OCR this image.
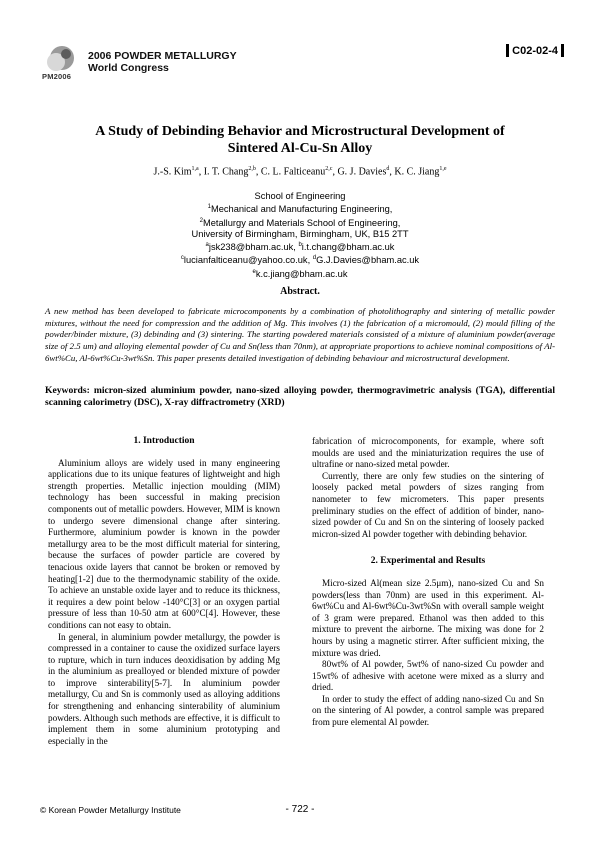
PM2006
2006 POWDER METALLURGY
World Congress
C02-02-4
A Study of Debinding Behavior and Microstructural Development of
Sintered Al-Cu-Sn Alloy
J.-S. Kim$^{1,a}$, I. T. Chang$^{2,b}$, C. L. Falticeanu$^{2,c}$, G. J. Davies$^d$, K. C. Jiang$^{1,e}$
School of Engineering
$^1$Mechanical and Manufacturing Engineering,
$^2$Metallurgy and Materials School of Engineering,
University of Birmingham, Birmingham, UK, B15 2TT
$^a$jsk238@bham.ac.uk, $^b$i.t.chang@bham.ac.uk
$^c$lucianfalticeanu@yahoo.co.uk, $^d$G.J.Davies@bham.ac.uk
$^e$k.c.jiang@bham.ac.uk
Abstract.
A new method has been developed to fabricate microcomponents by a combination of photolithography and sintering of metallic powder mixtures, without the need for compression and the addition of Mg. This involves (1) the fabrication of a micromould, (2) mould filling of the powder/binder mixture, (3) debinding and (3) sintering. The starting powdered materials consisted of a mixture of aluminium powder(average size of 2.5 um) and alloying elemental powder of Cu and Sn(less than 70nm), at appropriate proportions to achieve nominal compositions of Al-6wt%Cu, Al-6wt%Cu-3wt%Sn. This paper presents detailed investigation of debinding behaviour and microstructural development.
Keywords: micron-sized aluminium powder, nano-sized alloying powder, thermogravimetric analysis (TGA), differential scanning calorimetry (DSC), X-ray diffractrometry (XRD)

1. Introduction

Aluminium alloys are widely used in many engineering applications due to its unique features of lightweight and high strength properties. Metallic injection moulding (MIM) technology has been successful in making precision components out of metallic powders. However, MIM is known to undergo severe dimensional change after sintering. Furthermore, aluminium powder is known in the powder metallurgy area to be the most difficult material for sintering, because the surfaces of powder particle are covered by tenacious oxide layers that cannot be broken or removed by heating[1-2] due to the thermodynamic stability of the oxide. To achieve an unstable oxide layer and to reduce its thickness, it requires a dew point below -140°C[3] or an oxygen partial pressure of less than 10-50 atm at 600°C[4]. However, these conditions can not easy to obtain.

In general, in aluminium powder metallurgy, the powder is compressed in a container to cause the oxidized surface layers to rupture, which in turn induces deoxidisation by adding Mg in the aluminium as prealloyed or blended mixture of powder to improve sinterability[5-7]. In aluminium powder metallurgy, Cu and Sn is commonly used as alloying additions for strengthening and enhancing sinterability of aluminium powders. Although such methods are effective, it is difficult to implement them in some aluminium prototyping and especially in the

fabrication of microcomponents, for example, where soft moulds are used and the miniaturization requires the use of ultrafine or nano-sized metal powder.

Currently, there are only few studies on the sintering of loosely packed metal powders of sizes ranging from nanometer to few micrometers. This paper presents preliminary studies on the effect of addition of binder, nano-sized powder of Cu and Sn on the sintering of loosely packed micron-sized Al powder together with debinding behavior.

2. Experimental and Results

Micro-sized Al(mean size 2.5μm), nano-sized Cu and Sn powders(less than 70nm) are used in this experiment. Al-6wt%Cu and Al-6wt%Cu-3wt%Sn with overall sample weight of 3 gram were prepared. Ethanol was then added to this mixture to prevent the airborne. The mixing was done for 2 hours by using a magnetic stirrer. After sufficient mixing, the mixture was dried.

80wt% of Al powder, 5wt% of nano-sized Cu powder and 15wt% of adhesive with acetone were mixed as a slurry and dried.

In order to study the effect of adding nano-sized Cu and Sn on the sintering of Al powder, a control sample was prepared from pure elemental Al powder.

© Korean Powder Metallurgy Institute	- 722 -
